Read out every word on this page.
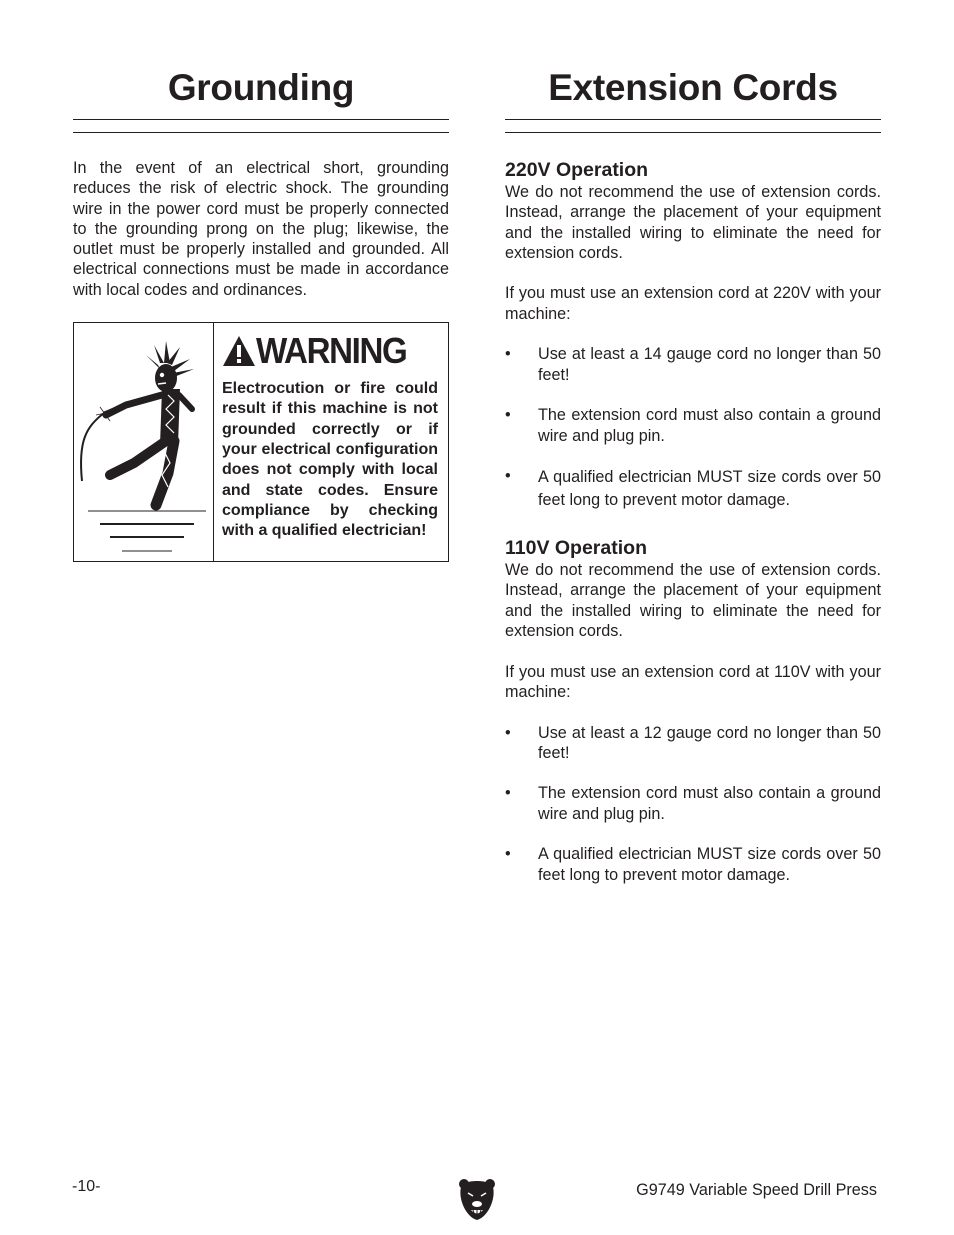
Grounding

In the event of an electrical short, grounding reduces the risk of electric shock. The grounding wire in the power cord must be properly connected to the grounding prong on the plug; likewise, the outlet must be properly installed and grounded. All electrical connections must be made in accordance with local codes and ordinances.

WARNING

Electrocution or fire could result if this machine is not grounded correctly or if your electrical configuration does not comply with local and state codes. Ensure compliance by checking with a qualified electrician!

Extension Cords
220V Operation

We do not recommend the use of extension cords. Instead, arrange the placement of your equipment and the installed wiring to eliminate the need for extension cords.

If you must use an extension cord at 220V with your machine:

•	Use at least a 14 gauge cord no longer than 50 feet!

•	The extension cord must also contain a ground wire and plug pin.

•	A qualified electrician MUST size cords over 50 feet long to prevent motor damage.

110V Operation

We do not recommend the use of extension cords. Instead, arrange the placement of your equipment and the installed wiring to eliminate the need for extension cords.

If you must use an extension cord at 110V with your machine:

•	Use at least a 12 gauge cord no longer than 50 feet!

•	The extension cord must also contain a ground wire and plug pin.

•	A qualified electrician MUST size cords over 50 feet long to prevent motor damage.

-10-	G9749 Variable Speed Drill Press
